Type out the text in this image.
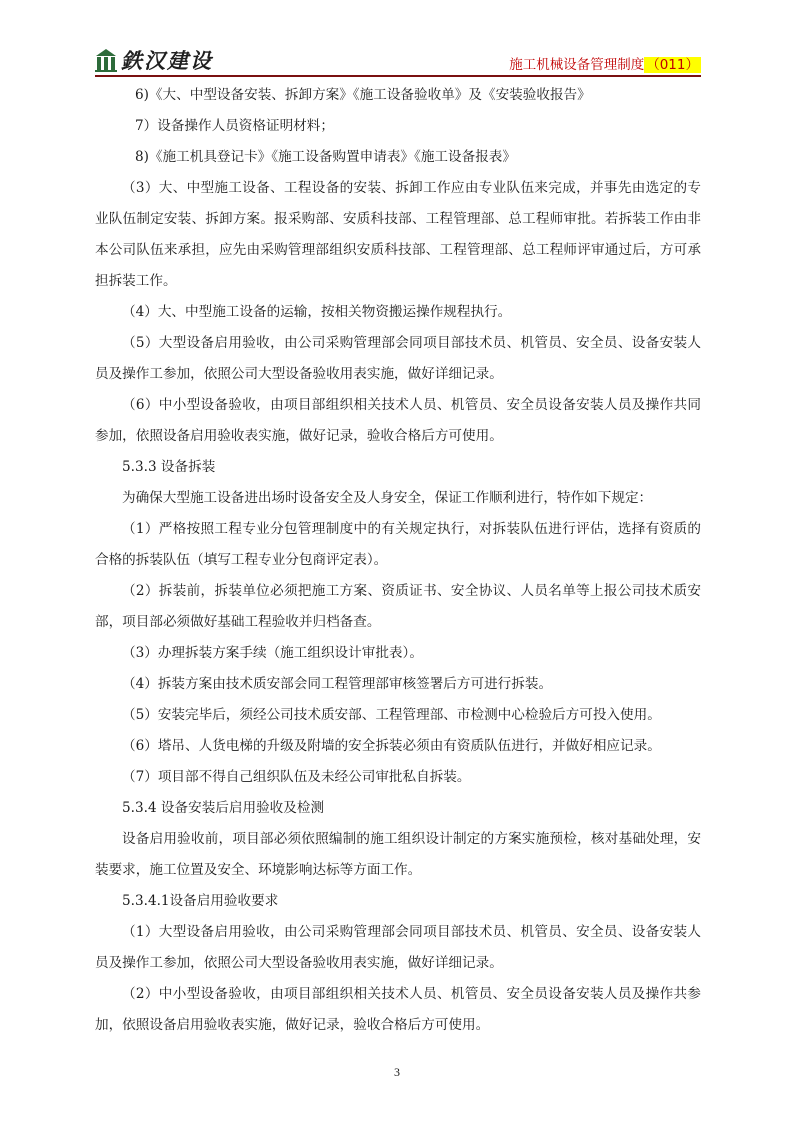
鉄汉建设	施工机械设备管理制度 （011）

6)《大、中型设备安装、拆卸方案》《施工设备验收单》及《安装验收报告》

7）设备操作人员资格证明材料；

8)《施工机具登记卡》《施工设备购置申请表》《施工设备报表》

（3）大、中型施工设备、工程设备的安装、拆卸工作应由专业队伍来完成，并事先由选定的专业队伍制定安装、拆卸方案。报采购部、安质科技部、工程管理部、总工程师审批。若拆装工作由非本公司队伍来承担，应先由采购管理部组织安质科技部、工程管理部、总工程师评审通过后，方可承担拆装工作。

（4）大、中型施工设备的运输，按相关物资搬运操作规程执行。

（5）大型设备启用验收，由公司采购管理部会同项目部技术员、机管员、安全员、设备安装人员及操作工参加，依照公司大型设备验收用表实施，做好详细记录。

（6）中小型设备验收，由项目部组织相关技术人员、机管员、安全员设备安装人员及操作共同参加，依照设备启用验收表实施，做好记录，验收合格后方可使用。

5.3.3 设备拆装

为确保大型施工设备进出场时设备安全及人身安全，保证工作顺利进行，特作如下规定：

（1）严格按照工程专业分包管理制度中的有关规定执行，对拆装队伍进行评估，选择有资质的合格的拆装队伍（填写工程专业分包商评定表）。

（2）拆装前，拆装单位必须把施工方案、资质证书、安全协议、人员名单等上报公司技术质安部，项目部必须做好基础工程验收并归档备查。

（3）办理拆装方案手续（施工组织设计审批表）。

（4）拆装方案由技术质安部会同工程管理部审核签署后方可进行拆装。

（5）安装完毕后，须经公司技术质安部、工程管理部、市检测中心检验后方可投入使用。

（6）塔吊、人货电梯的升级及附墙的安全拆装必须由有资质队伍进行，并做好相应记录。

（7）项目部不得自己组织队伍及未经公司审批私自拆装。

5.3.4 设备安装后启用验收及检测

设备启用验收前，项目部必须依照编制的施工组织设计制定的方案实施预检，核对基础处理，安装要求，施工位置及安全、环境影响达标等方面工作。

5.3.4.1设备启用验收要求

（1）大型设备启用验收，由公司采购管理部会同项目部技术员、机管员、安全员、设备安装人员及操作工参加，依照公司大型设备验收用表实施，做好详细记录。

（2）中小型设备验收，由项目部组织相关技术人员、机管员、安全员设备安装人员及操作共参加，依照设备启用验收表实施，做好记录，验收合格后方可使用。

3
